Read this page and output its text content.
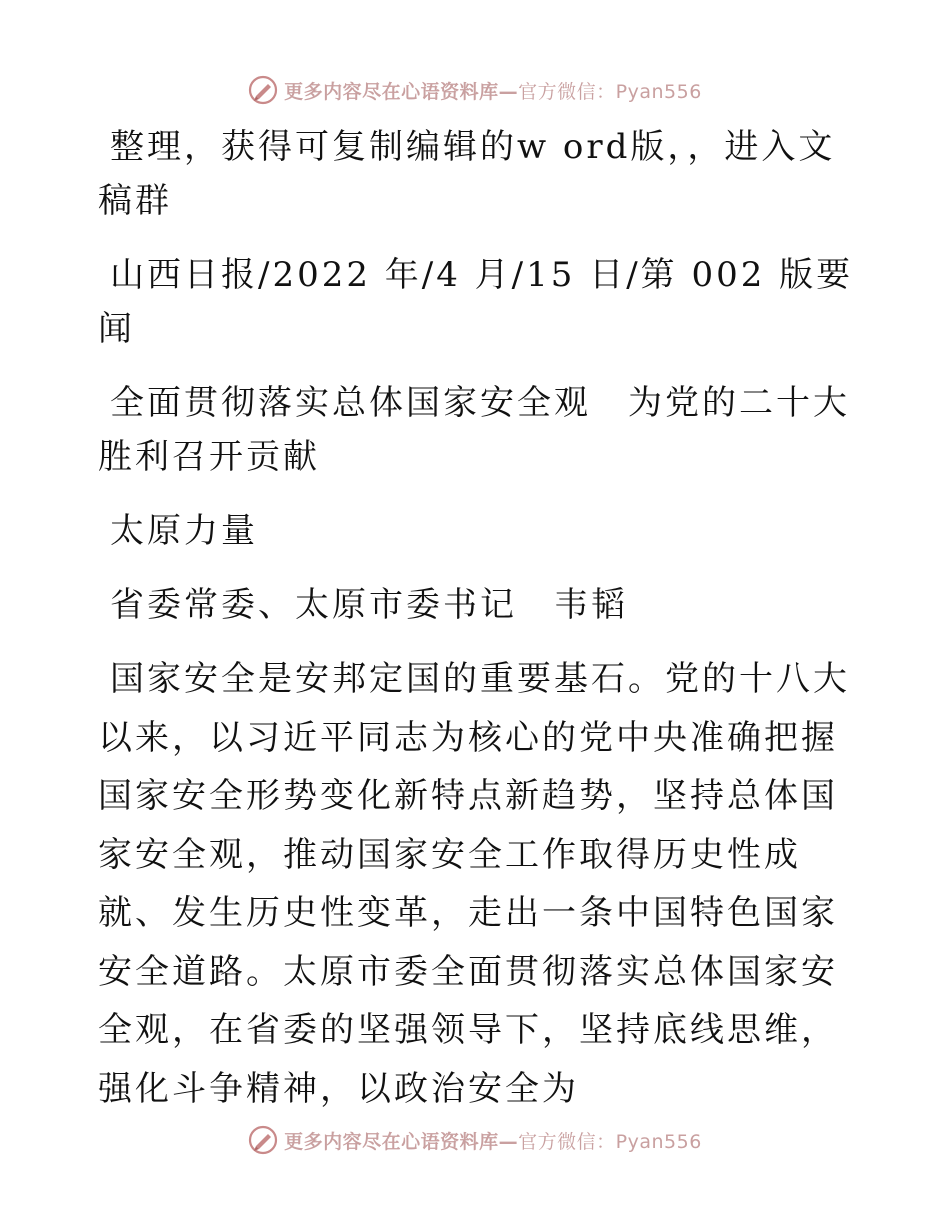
更多内容尽在心语资料库—官方微信：Pyan556

整理，获得可复制编辑的w ord版，，进入文稿群

山西日报/2022 年/4 月/15 日/第 002 版要闻

全面贯彻落实总体国家安全观　为党的二十大胜利召开贡献

太原力量

省委常委、太原市委书记　韦韬

国家安全是安邦定国的重要基石。党的十八大以来，以习近平同志为核心的党中央准确把握国家安全形势变化新特点新趋势，坚持总体国家安全观，推动国家安全工作取得历史性成就、发生历史性变革，走出一条中国特色国家安全道路。太原市委全面贯彻落实总体国家安全观，在省委的坚强领导下，坚持底线思维，强化斗争精神，以政治安全为

更多内容尽在心语资料库—官方微信：Pyan556
